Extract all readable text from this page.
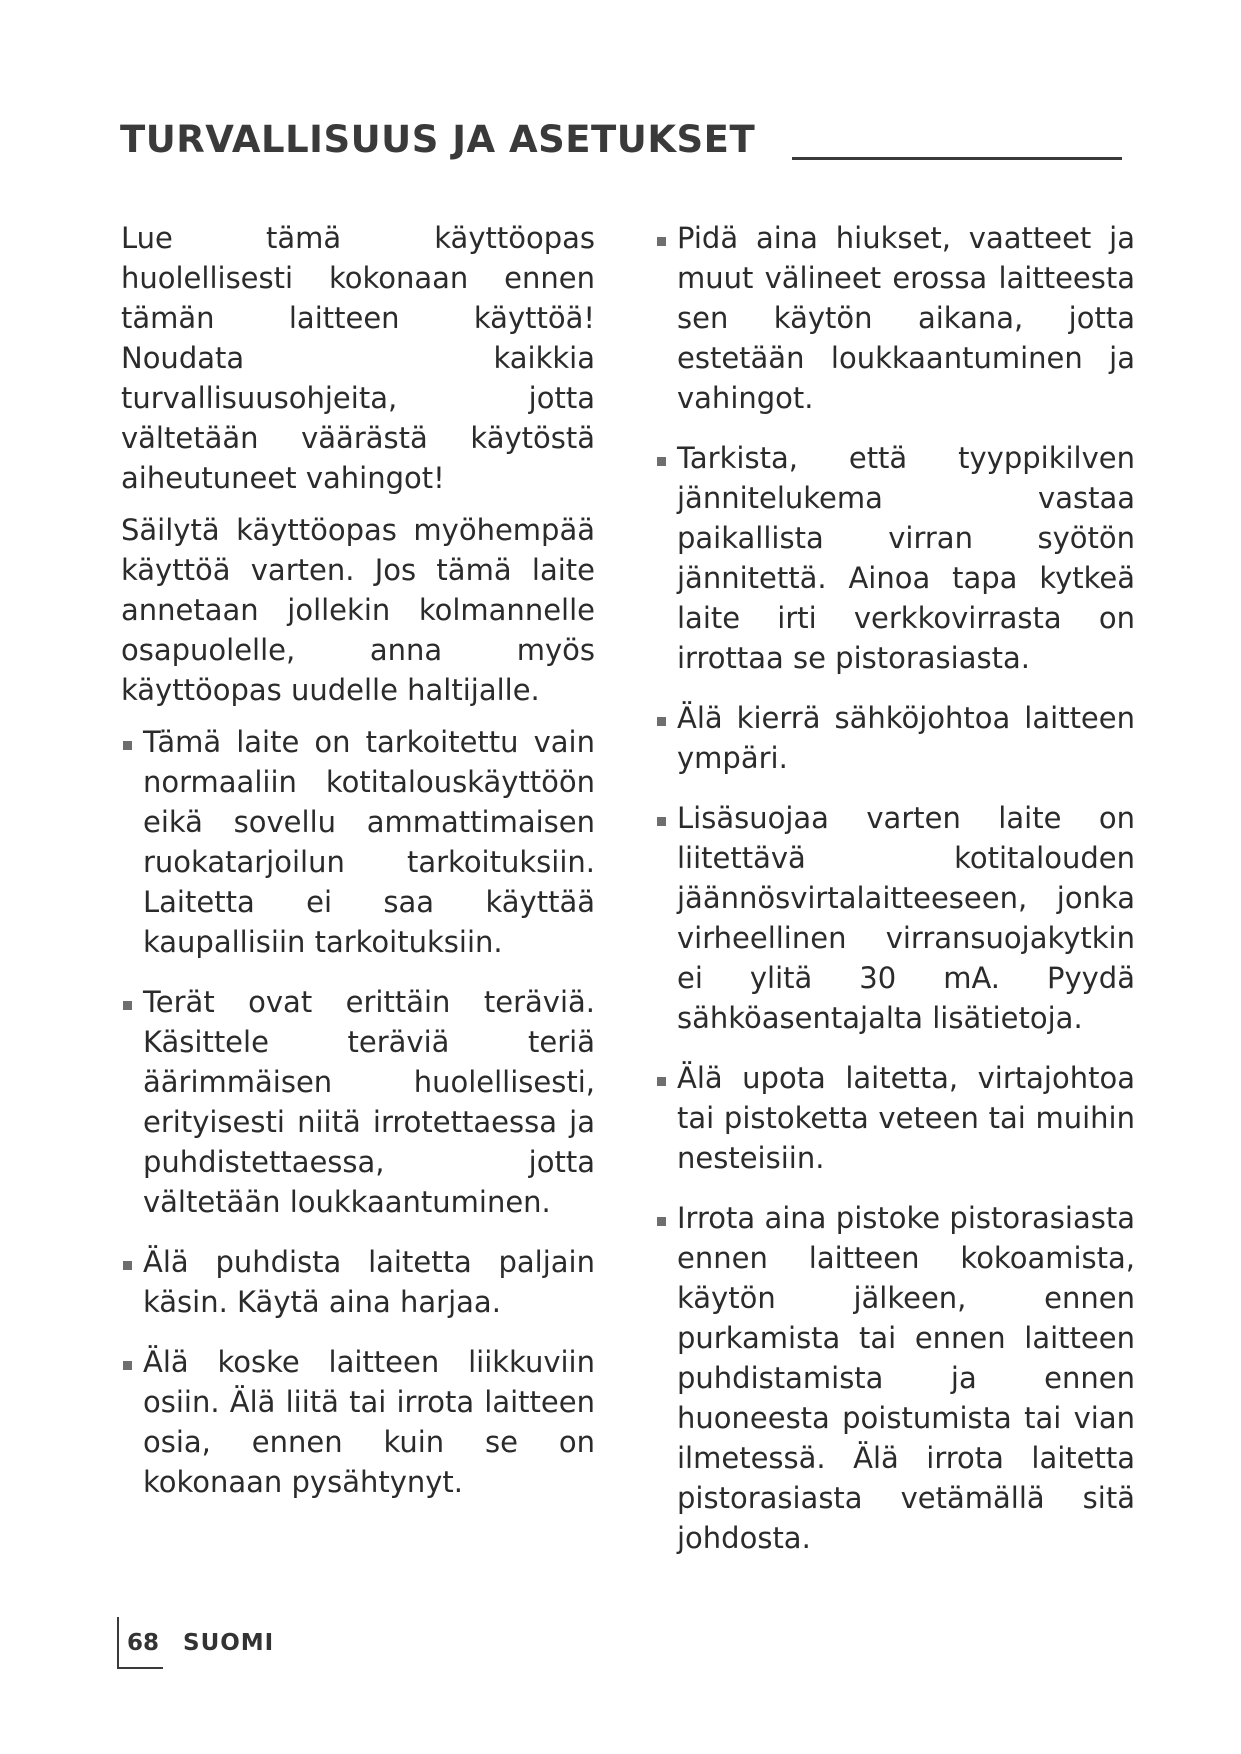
TURVALLISUUS JA ASETUKSET

Lue tämä käyttöopas huolellisesti kokonaan ennen tämän laitteen käyttöä! Noudata kaikkia turvallisuusohjeita, jotta vältetään väärästä käytöstä aiheutuneet vahingot!

Säilytä käyttöopas myöhempää käyttöä varten. Jos tämä laite annetaan jollekin kolmannelle osapuolelle, anna myös käyttöopas uudelle haltijalle.

Tämä laite on tarkoitettu vain normaaliin kotitalouskäyttöön eikä sovellu ammattimaisen ruokatarjoilun tarkoituksiin. Laitetta ei saa käyttää kaupallisiin tarkoituksiin.
Terät ovat erittäin teräviä. Käsittele teräviä teriä äärimmäisen huolellisesti, erityisesti niitä irrotettaessa ja puhdistettaessa, jotta vältetään loukkaantuminen.
Älä puhdista laitetta paljain käsin. Käytä aina harjaa.
Älä koske laitteen liikkuviin osiin. Älä liitä tai irrota laitteen osia, ennen kuin se on kokonaan pysähtynyt.
Pidä aina hiukset, vaatteet ja muut välineet erossa laitteesta sen käytön aikana, jotta estetään loukkaantuminen ja vahingot.
Tarkista, että tyyppikilven jännitelukema vastaa paikallista virran syötön jännitettä. Ainoa tapa kytkeä laite irti verkkovirrasta on irrottaa se pistorasiasta.
Älä kierrä sähköjohtoa laitteen ympäri.
Lisäsuojaa varten laite on liitettävä kotitalouden jäännösvirtalaitteeseen, jonka virheellinen virransuojakytkin ei ylitä 30 mA. Pyydä sähköasentajalta lisätietoja.
Älä upota laitetta, virtajohtoa tai pistoketta veteen tai muihin nesteisiin.
Irrota aina pistoke pistorasiasta ennen laitteen kokoamista, käytön jälkeen, ennen purkamista tai ennen laitteen puhdistamista ja ennen huoneesta poistumista tai vian ilmetessä. Älä irrota laitetta pistorasiasta vetämällä sitä johdosta.
68 SUOMI
